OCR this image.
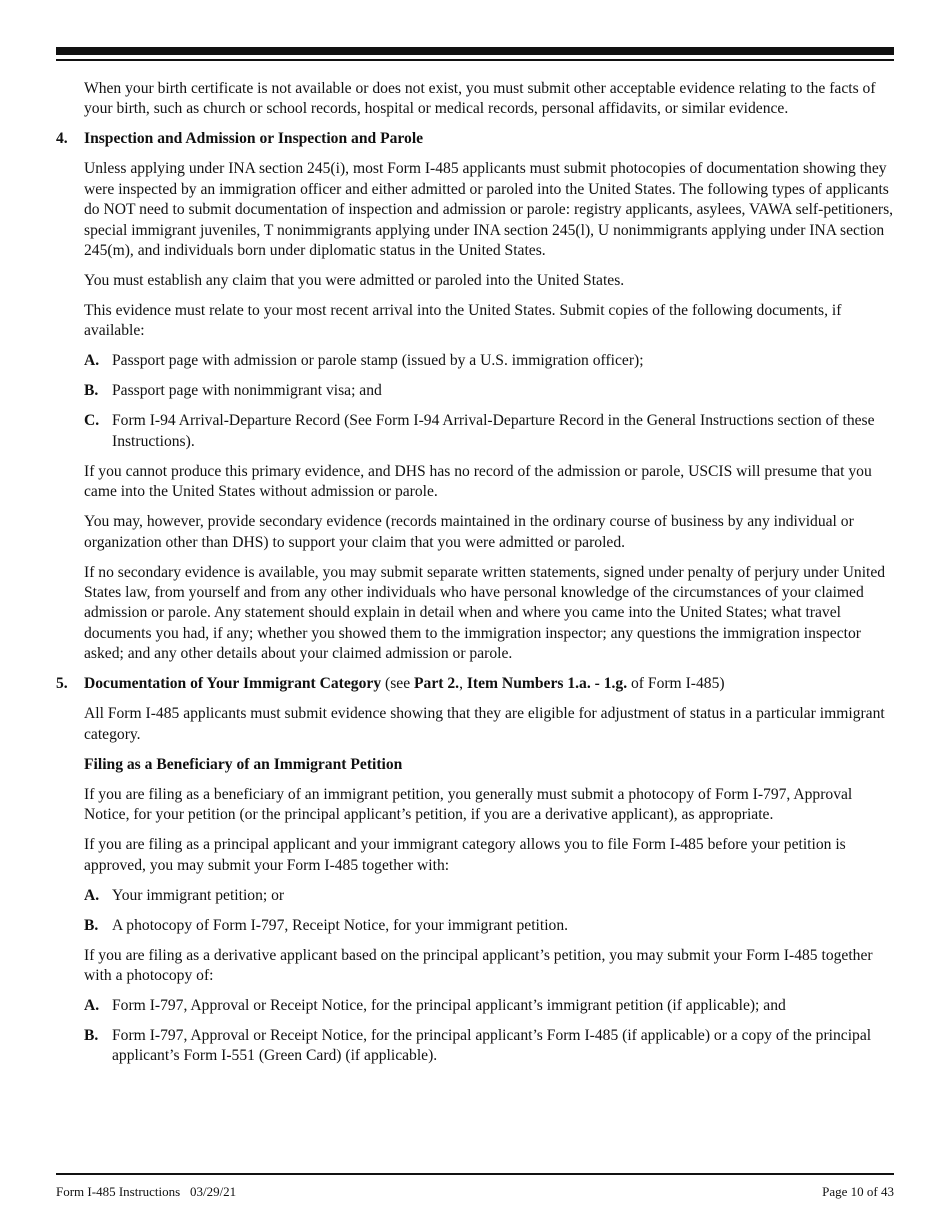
When your birth certificate is not available or does not exist, you must submit other acceptable evidence relating to the facts of your birth, such as church or school records, hospital or medical records, personal affidavits, or similar evidence.

4.	Inspection and Admission or Inspection and Parole

Unless applying under INA section 245(i), most Form I-485 applicants must submit photocopies of documentation showing they were inspected by an immigration officer and either admitted or paroled into the United States. The following types of applicants do NOT need to submit documentation of inspection and admission or parole: registry applicants, asylees, VAWA self-petitioners, special immigrant juveniles, T nonimmigrants applying under INA section 245(l), U nonimmigrants applying under INA section 245(m), and individuals born under diplomatic status in the United States.

You must establish any claim that you were admitted or paroled into the United States.

This evidence must relate to your most recent arrival into the United States. Submit copies of the following documents, if available:

A. Passport page with admission or parole stamp (issued by a U.S. immigration officer);
B. Passport page with nonimmigrant visa; and
C. Form I-94 Arrival-Departure Record (See Form I-94 Arrival-Departure Record in the General Instructions section of these Instructions).

If you cannot produce this primary evidence, and DHS has no record of the admission or parole, USCIS will presume that you came into the United States without admission or parole.

You may, however, provide secondary evidence (records maintained in the ordinary course of business by any individual or organization other than DHS) to support your claim that you were admitted or paroled.

If no secondary evidence is available, you may submit separate written statements, signed under penalty of perjury under United States law, from yourself and from any other individuals who have personal knowledge of the circumstances of your claimed admission or parole. Any statement should explain in detail when and where you came into the United States; what travel documents you had, if any; whether you showed them to the immigration inspector; any questions the immigration inspector asked; and any other details about your claimed admission or parole.

5.	Documentation of Your Immigrant Category (see Part 2., Item Numbers 1.a. - 1.g. of Form I-485)

All Form I-485 applicants must submit evidence showing that they are eligible for adjustment of status in a particular immigrant category.

Filing as a Beneficiary of an Immigrant Petition

If you are filing as a beneficiary of an immigrant petition, you generally must submit a photocopy of Form I-797, Approval Notice, for your petition (or the principal applicant’s petition, if you are a derivative applicant), as appropriate.

If you are filing as a principal applicant and your immigrant category allows you to file Form I-485 before your petition is approved, you may submit your Form I-485 together with:

A. Your immigrant petition; or
B. A photocopy of Form I-797, Receipt Notice, for your immigrant petition.

If you are filing as a derivative applicant based on the principal applicant’s petition, you may submit your Form I-485 together with a photocopy of:

A. Form I-797, Approval or Receipt Notice, for the principal applicant’s immigrant petition (if applicable); and
B. Form I-797, Approval or Receipt Notice, for the principal applicant’s Form I-485 (if applicable) or a copy of the principal applicant’s Form I-551 (Green Card) (if applicable).
Form I-485 Instructions   03/29/21	Page 10 of 43
